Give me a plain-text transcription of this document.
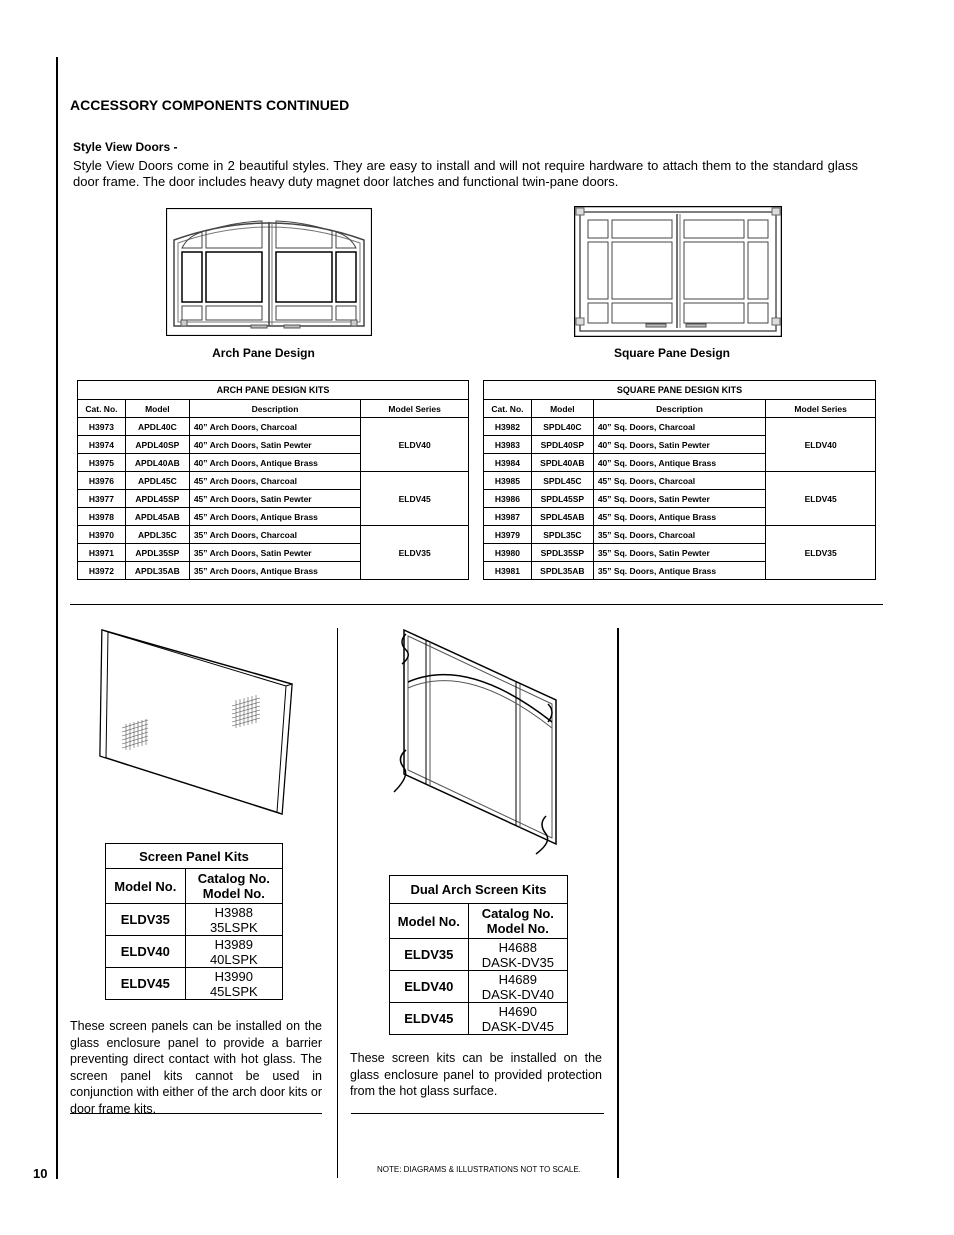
ACCESSORY COMPONENTS CONTINUED
Style View Doors -
Style View Doors come in 2 beautiful styles. They are easy to install and will not require hardware to attach them to the standard glass door frame. The door includes heavy duty magnet door latches and functional twin-pane doors.
Arch Pane Design	Square Pane Design
ARCH PANE DESIGN KITS			
Cat. No.	Model	Description	Model Series
H3973	APDL40C	40” Arch Doors, Charcoal	ELDV40
H3974	APDL40SP	40” Arch Doors, Satin Pewter	
H3975	APDL40AB	40” Arch Doors, Antique Brass	
H3976	APDL45C	45” Arch Doors, Charcoal	ELDV45
H3977	APDL45SP	45” Arch Doors, Satin Pewter	
H3978	APDL45AB	45” Arch Doors, Antique Brass	
H3970	APDL35C	35” Arch Doors, Charcoal	ELDV35
H3971	APDL35SP	35” Arch Doors, Satin Pewter	
H3972	APDL35AB	35” Arch Doors, Antique Brass	
SQUARE PANE DESIGN KITS			
Cat. No.	Model	Description	Model Series
H3982	SPDL40C	40” Sq. Doors, Charcoal	ELDV40
H3983	SPDL40SP	40” Sq. Doors, Satin Pewter	
H3984	SPDL40AB	40” Sq. Doors, Antique Brass	
H3985	SPDL45C	45” Sq. Doors, Charcoal	ELDV45
H3986	SPDL45SP	45” Sq. Doors, Satin Pewter	
H3987	SPDL45AB	45” Sq. Doors, Antique Brass	
H3979	SPDL35C	35” Sq. Doors, Charcoal	ELDV35
H3980	SPDL35SP	35” Sq. Doors, Satin Pewter	
H3981	SPDL35AB	35” Sq. Doors, Antique Brass	
Screen Panel Kits	
Model No.	Catalog No.
Model No.

ELDV35	H3988
35LSPK

ELDV40	H3989
40LSPK

ELDV45	H3990
45LSPK
These screen panels can be installed on the glass enclosure panel to provide a barrier preventing direct contact with hot glass. The screen panel kits cannot be used in conjunction with either of the arch door kits or door frame kits.
Dual Arch Screen Kits	
Model No.	Catalog No.
Model No.

ELDV35	H4688
DASK-DV35

ELDV40	H4689
DASK-DV40

ELDV45	H4690
DASK-DV45
These screen kits can be installed on the glass enclosure panel to provided protection from the hot glass surface.
10	NOTE: DIAGRAMS & ILLUSTRATIONS NOT TO SCALE.
